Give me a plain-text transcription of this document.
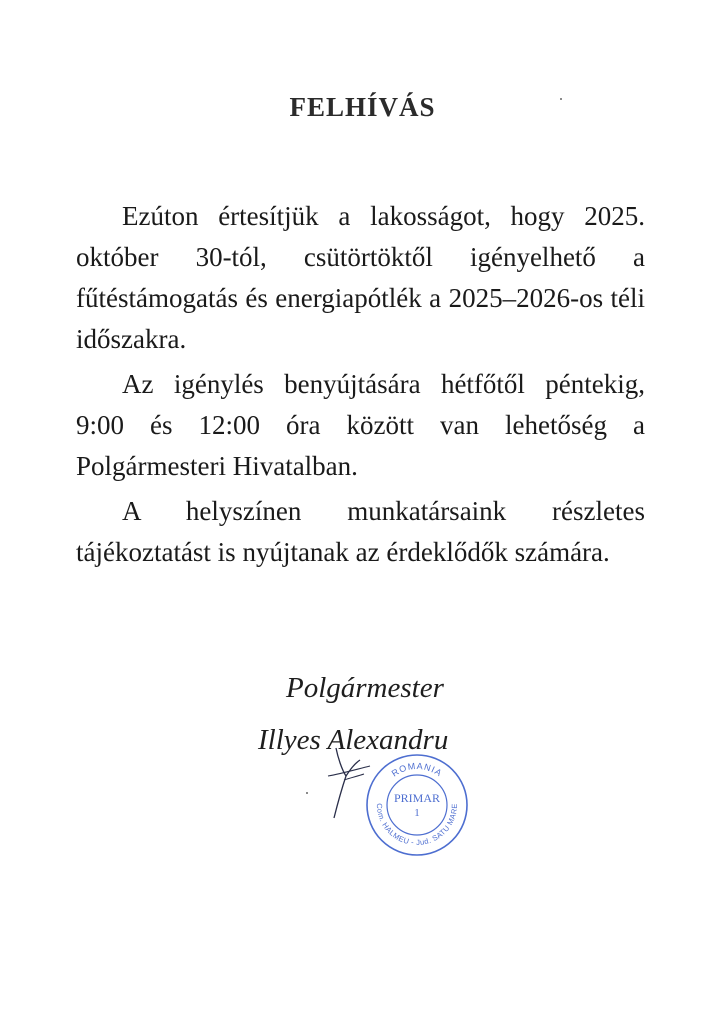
FELHÍVÁS

Ezúton értesítjük a lakosságot, hogy 2025. október 30-tól, csütörtöktől igényelhető a fűtéstámogatás és energiapótlék a 2025–2026-os téli időszakra.

Az igénylés benyújtására hétfőtől péntekig, 9:00 és 12:00 óra között van lehetőség a Polgármesteri Hivatalban.

A helyszínen munkatársaink részletes tájékoztatást is nyújtanak az érdeklődők számára.

Polgármester
Illyes Alexandru
ROMANIA
Com. HALMEU - Jud. SATU MARE
PRIMAR
1
